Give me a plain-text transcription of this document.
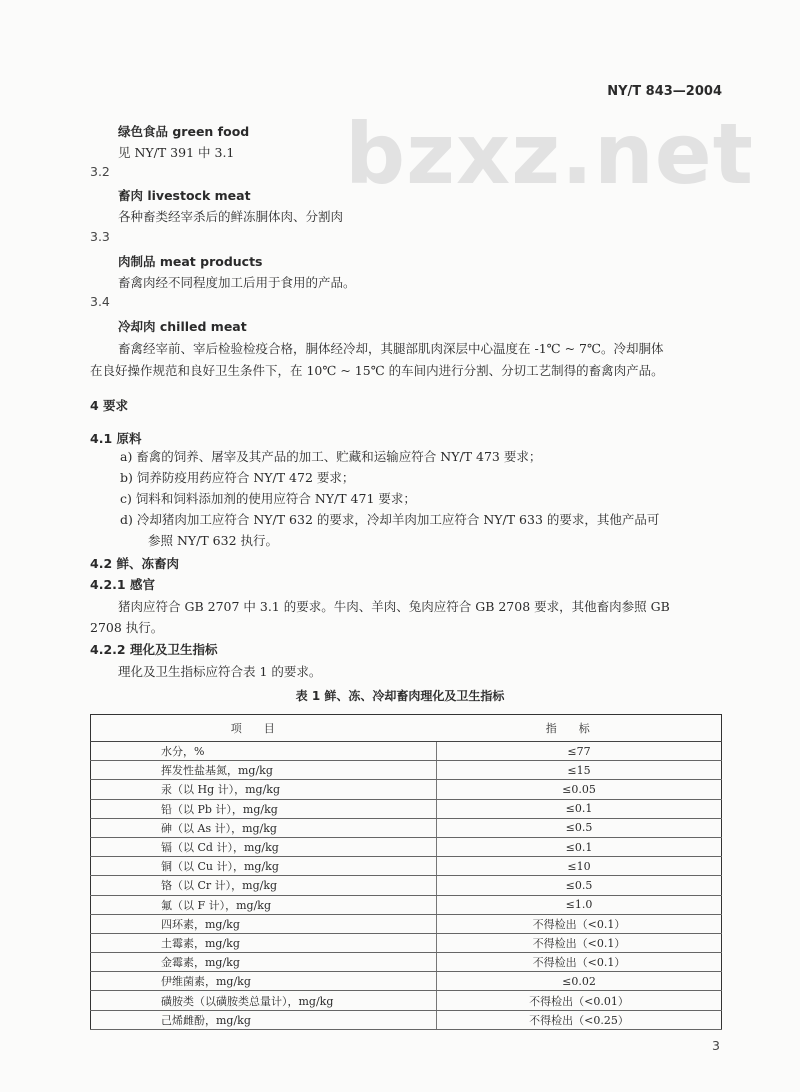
bzxz.net
NY/T 843—2004
绿色食品 green food
见 NY/T 391 中 3.1
3.2
畜肉 livestock meat
各种畜类经宰杀后的鲜冻胴体肉、分割肉
3.3
肉制品 meat products
畜禽肉经不同程度加工后用于食用的产品。
3.4
冷却肉 chilled meat
畜禽经宰前、宰后检验检疫合格，胴体经冷却，其腿部肌肉深层中心温度在 -1℃ ~ 7℃。冷却胴体
在良好操作规范和良好卫生条件下，在 10℃ ~ 15℃ 的车间内进行分割、分切工艺制得的畜禽肉产品。
4 要求
4.1 原料
a) 畜禽的饲养、屠宰及其产品的加工、贮藏和运输应符合 NY/T 473 要求；
b) 饲养防疫用药应符合 NY/T 472 要求；
c) 饲料和饲料添加剂的使用应符合 NY/T 471 要求；
d) 冷却猪肉加工应符合 NY/T 632 的要求，冷却羊肉加工应符合 NY/T 633 的要求，其他产品可
参照 NY/T 632 执行。
4.2 鲜、冻畜肉
4.2.1 感官
猪肉应符合 GB 2707 中 3.1 的要求。牛肉、羊肉、兔肉应符合 GB 2708 要求，其他畜肉参照 GB
2708 执行。
4.2.2 理化及卫生指标
理化及卫生指标应符合表 1 的要求。
表 1 鲜、冻、冷却畜肉理化及卫生指标
项目	指标
水分，%	≤77
挥发性盐基氮，mg/kg	≤15
汞（以 Hg 计），mg/kg	≤0.05
铅（以 Pb 计），mg/kg	≤0.1
砷（以 As 计），mg/kg	≤0.5
镉（以 Cd 计），mg/kg	≤0.1
铜（以 Cu 计），mg/kg	≤10
铬（以 Cr 计），mg/kg	≤0.5
氟（以 F 计），mg/kg	≤1.0
四环素，mg/kg	不得检出（<0.1）
土霉素，mg/kg	不得检出（<0.1）
金霉素，mg/kg	不得检出（<0.1）
伊维菌素，mg/kg	≤0.02
磺胺类（以磺胺类总量计），mg/kg	不得检出（<0.01）
己烯雌酚，mg/kg	不得检出（<0.25）
3
